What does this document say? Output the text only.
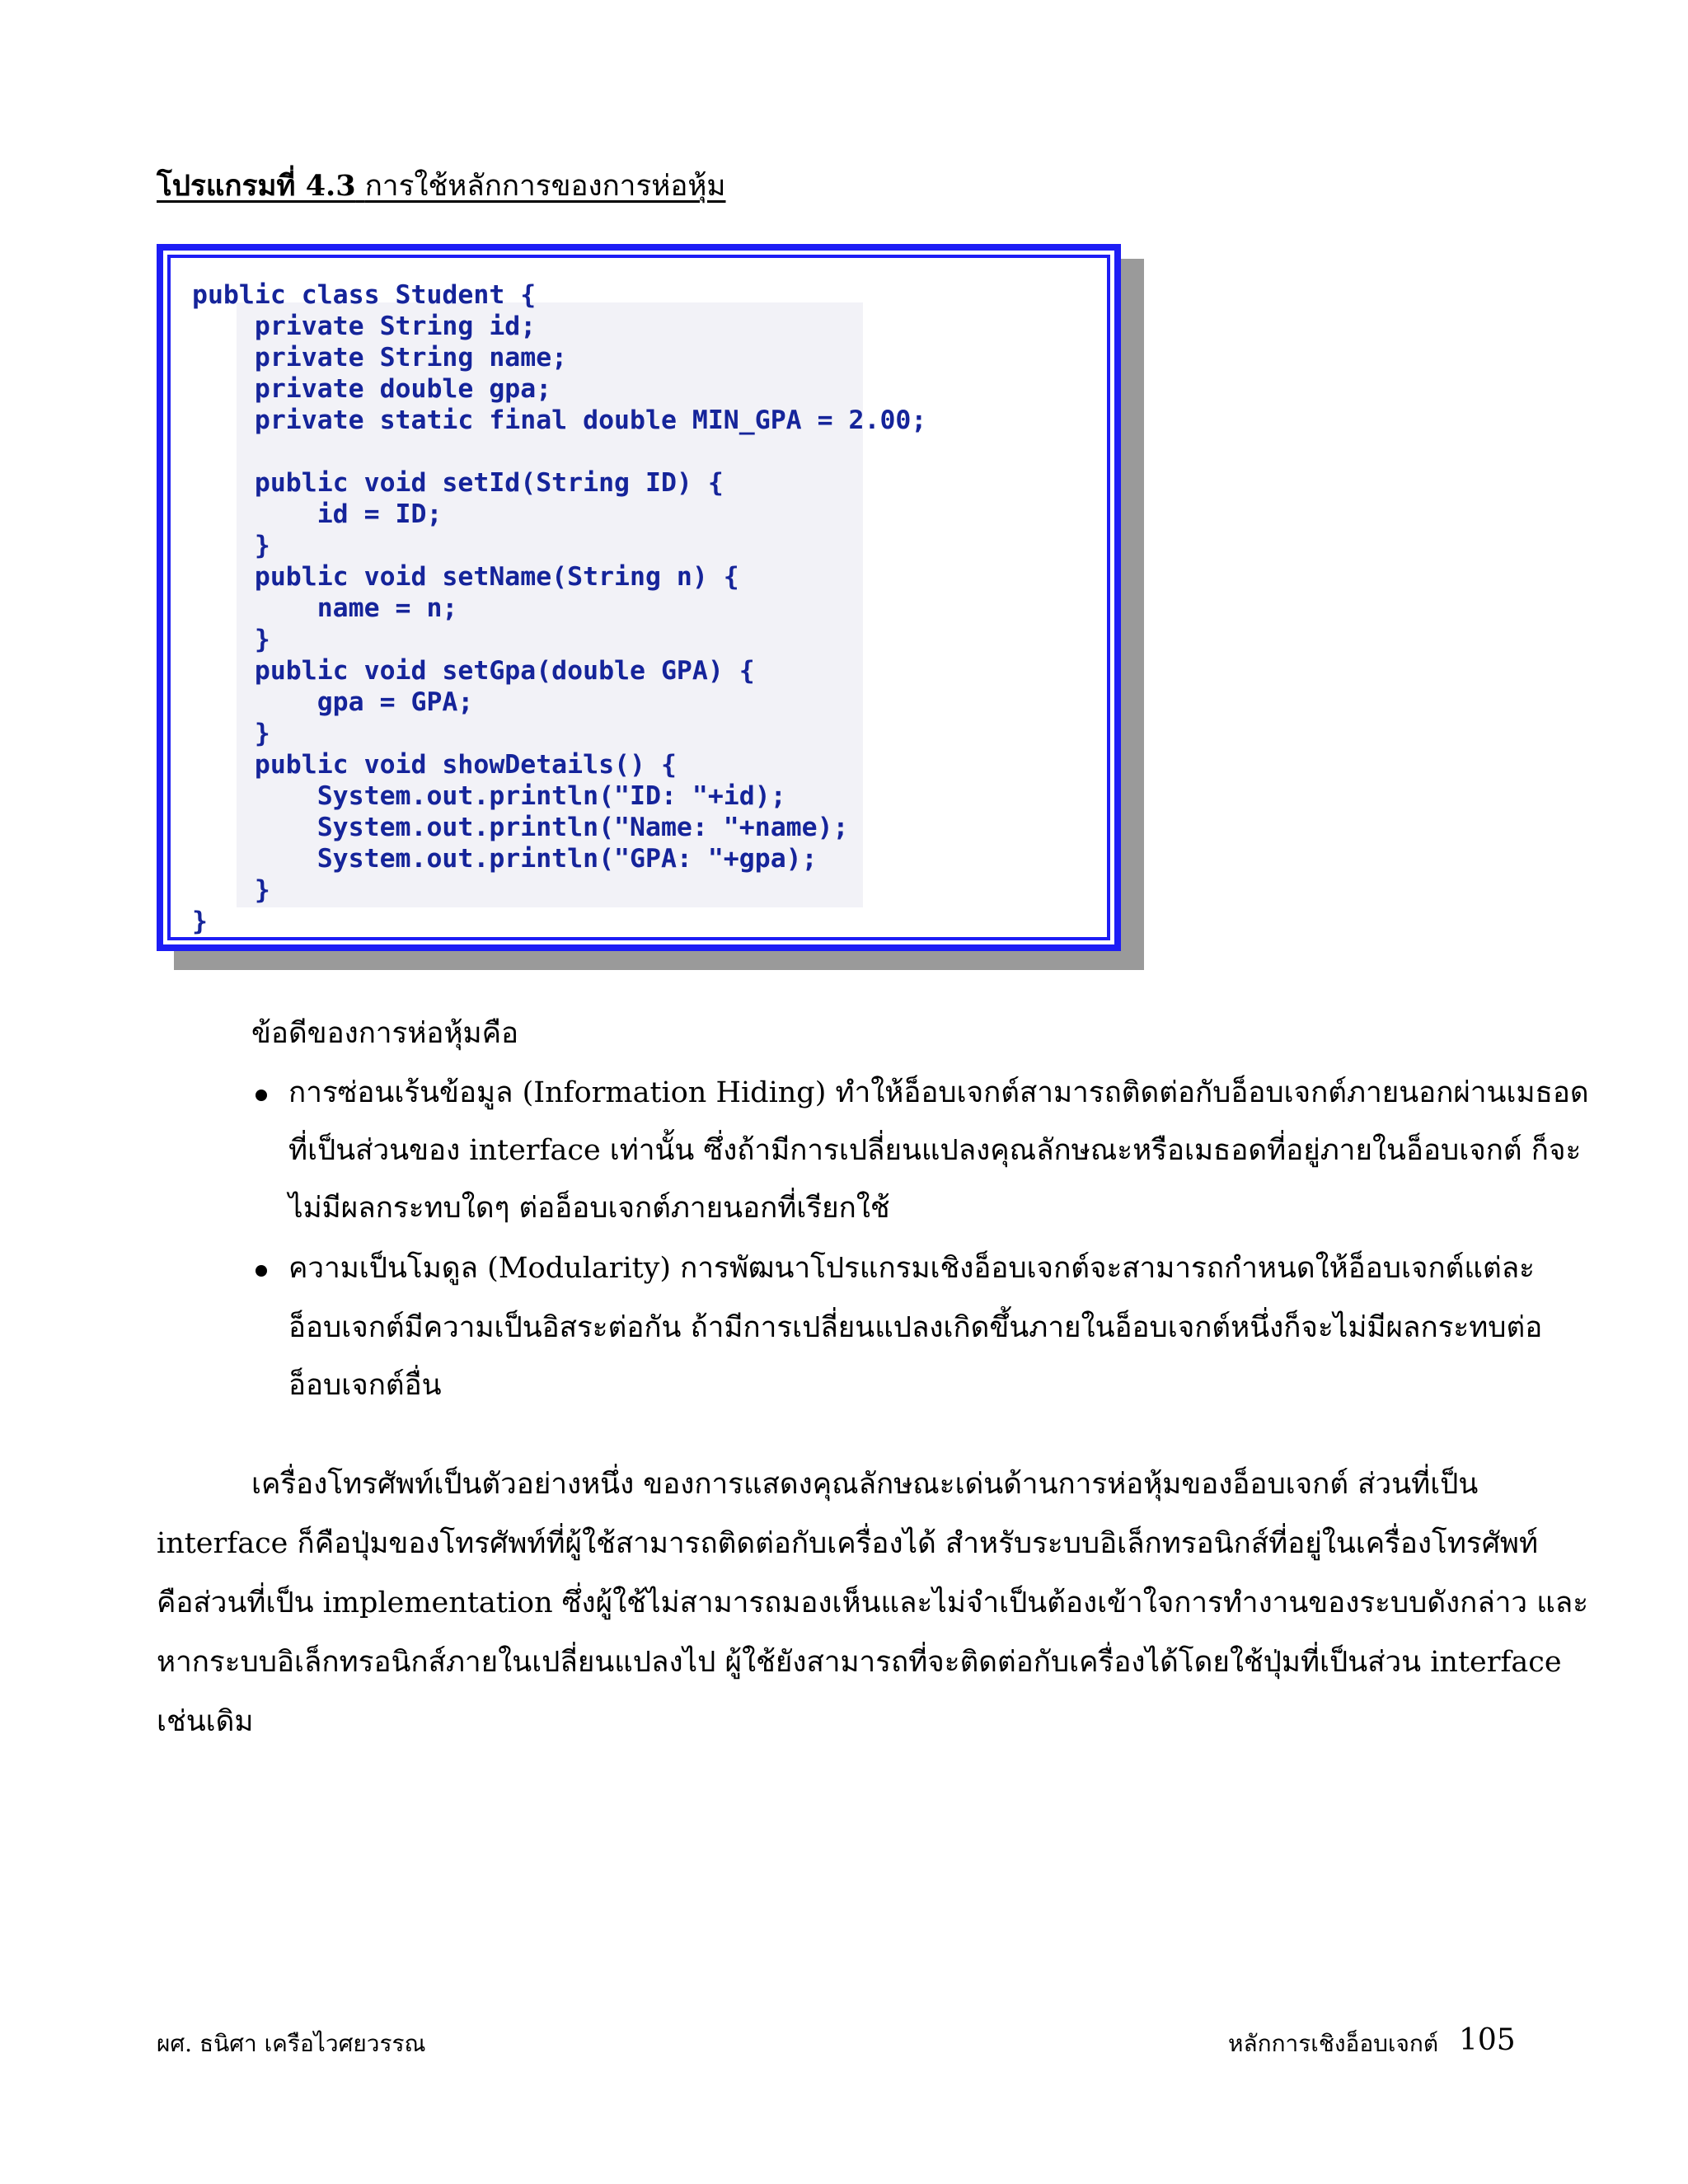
โปรแกรมที่ 4.3 การใช้หลักการของการห่อหุ้ม
public class Student {
private String id;
private String name;
private double gpa;
private static final double MIN_GPA = 2.00;

public void setId(String ID) {
id = ID;
}
public void setName(String n) {
name = n;
}
public void setGpa(double GPA) {
gpa = GPA;
}
public void showDetails() {
System.out.println("ID: "+id);
System.out.println("Name: "+name);
System.out.println("GPA: "+gpa);
}
}
ข้อดีของการห่อหุ้มคือ
การซ่อนเร้นข้อมูล (Information Hiding) ทำให้อ็อบเจกต์สามารถติดต่อกับอ็อบเจกต์ภายนอกผ่านเมธอด
ที่เป็นส่วนของ interface เท่านั้น ซึ่งถ้ามีการเปลี่ยนแปลงคุณลักษณะหรือเมธอดที่อยู่ภายในอ็อบเจกต์ ก็จะ
ไม่มีผลกระทบใดๆ ต่ออ็อบเจกต์ภายนอกที่เรียกใช้
ความเป็นโมดูล (Modularity) การพัฒนาโปรแกรมเชิงอ็อบเจกต์จะสามารถกำหนดให้อ็อบเจกต์แต่ละ
อ็อบเจกต์มีความเป็นอิสระต่อกัน ถ้ามีการเปลี่ยนแปลงเกิดขึ้นภายในอ็อบเจกต์หนึ่งก็จะไม่มีผลกระทบต่อ
อ็อบเจกต์อื่น
เครื่องโทรศัพท์เป็นตัวอย่างหนึ่ง ของการแสดงคุณลักษณะเด่นด้านการห่อหุ้มของอ็อบเจกต์ ส่วนที่เป็น
interface ก็คือปุ่มของโทรศัพท์ที่ผู้ใช้สามารถติดต่อกับเครื่องได้ สำหรับระบบอิเล็กทรอนิกส์ที่อยู่ในเครื่องโทรศัพท์
คือส่วนที่เป็น implementation ซึ่งผู้ใช้ไม่สามารถมองเห็นและไม่จำเป็นต้องเข้าใจการทำงานของระบบดังกล่าว และ
หากระบบอิเล็กทรอนิกส์ภายในเปลี่ยนแปลงไป ผู้ใช้ยังสามารถที่จะติดต่อกับเครื่องได้โดยใช้ปุ่มที่เป็นส่วน interface
เช่นเดิม
ผศ. ธนิศา เครือไวศยวรรณ	หลักการเชิงอ็อบเจกต์ 105
